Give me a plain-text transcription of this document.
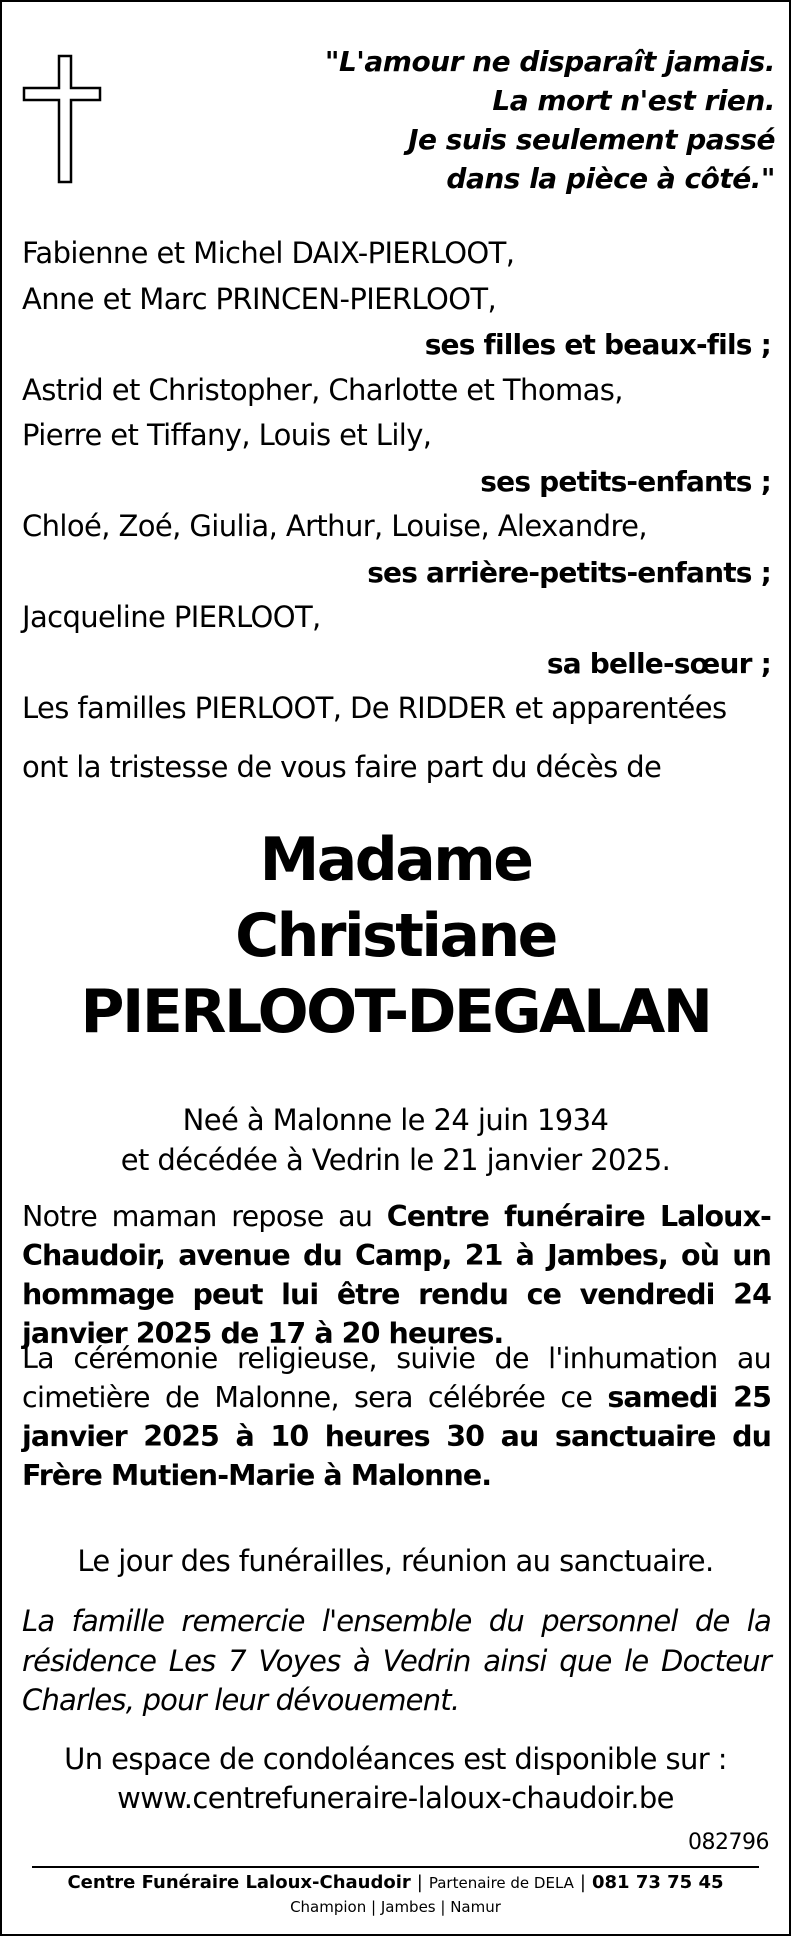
"L'amour ne disparaît jamais.
La mort n'est rien.
Je suis seulement passé
dans la pièce à côté."
Fabienne et Michel DAIX-PIERLOOT,
Anne et Marc PRINCEN-PIERLOOT,
ses filles et beaux-fils ;
Astrid et Christopher, Charlotte et Thomas,
Pierre et Tiffany, Louis et Lily,
ses petits-enfants ;
Chloé, Zoé, Giulia, Arthur, Louise, Alexandre,
ses arrière-petits-enfants ;
Jacqueline PIERLOOT,
sa belle-sœur ;
Les familles PIERLOOT, De RIDDER et apparentées
ont la tristesse de vous faire part du décès de
Madame
Christiane
PIERLOOT-DEGALAN
Neé à Malonne le 24 juin 1934
et décédée à Vedrin le 21 janvier 2025.
Notre maman repose au Centre funéraire Laloux-Chaudoir, avenue du Camp, 21 à Jambes, où un hommage peut lui être rendu ce vendredi 24 janvier 2025 de 17 à 20 heures.
La cérémonie religieuse, suivie de l'inhumation au cimetière de Malonne, sera célébrée ce samedi 25 janvier 2025 à 10 heures 30 au sanctuaire du Frère Mutien-Marie à Malonne.
Le jour des funérailles, réunion au sanctuaire.
La famille remercie l'ensemble du personnel de la résidence Les 7 Voyes à Vedrin ainsi que le Docteur Charles, pour leur dévouement.
Un espace de condoléances est disponible sur :
www.centrefuneraire-laloux-chaudoir.be
082796
Centre Funéraire Laloux-Chaudoir | Partenaire de DELA | 081 73 75 45
Champion | Jambes | Namur
